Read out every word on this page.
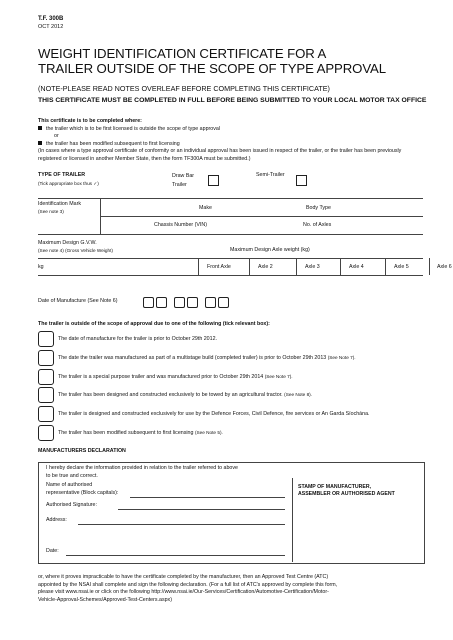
T.F. 300B
OCT 2012
WEIGHT IDENTIFICATION CERTIFICATE FOR A
TRAILER OUTSIDE OF THE SCOPE OF TYPE APPROVAL
(NOTE-PLEASE READ NOTES OVERLEAF BEFORE COMPLETING THIS CERTIFICATE)
THIS CERTIFICATE MUST BE COMPLETED IN FULL BEFORE BEING SUBMITTED TO YOUR LOCAL MOTOR TAX OFFICE
This certificate is to be completed where:
the trailer which is to be first licensed is outside the scope of type approval
or
the trailer has been modified subsequent to first licensing
(In cases where a type approval certificate of conformity or an individual approval has been issued in respect of the trailer, or the trailer has been previously registered or licensed in another Member State, then the form TF300A must be submitted.)
TYPE OF TRAILER
(Tick appropriate box thus ✓)
Draw Bar
Trailer
Semi-Trailer
Identification Mark
(See note 3)
Make	Body Type
Chassis Number (VIN)	No. of Axles
Maximum Design G.V.W.
(See note 4) (Gross Vehicle Weight)	Maximum Design Axle weight (kg)
kg	Front Axle	Axle 2	Axle 3	Axle 4	Axle 5	Axle 6
Date of Manufacture (See Note 6)
The trailer is outside of the scope of approval due to one of the following (tick relevant box):
The date of manufacture for the trailer is prior to October 29th 2012.
The date the trailer was manufactured as part of a multistage build (completed trailer) is prior to October 29th 2013 (See Note 7).
The trailer is a special purpose trailer and was manufactured prior to October 29th 2014 (See Note 7).
The trailer has been designed and constructed exclusively to be towed by an agricultural tractor. (See Note 8).
The trailer is designed and constructed exclusively for use by the Defence Forces, Civil Defence, fire services or An Garda Síochána.
The trailer has been modified subsequent to first licensing (See Note 5).
MANUFACTURERS DECLARATION
I hereby declare the information provided in relation to the trailer referred to above
to be true and correct.
Name of authorised
representative (Block capitals):
Authorised Signature:
Address:
Date:
STAMP OF MANUFACTURER,
ASSEMBLER OR AUTHORISED AGENT
or, where it proves impracticable to have the certificate completed by the manufacturer, then an Approved Test Centre (ATC)
appointed by the NSAI shall complete and sign the following declaration. (For a full list of ATC's approved by complete this form,
please visit www.nsai.ie or click on the following http://www.nsai.ie/Our-Services/Certification/Automotive-Certification/Motor-
Vehicle-Approval-Schemes/Approved-Test-Centers.aspx)
